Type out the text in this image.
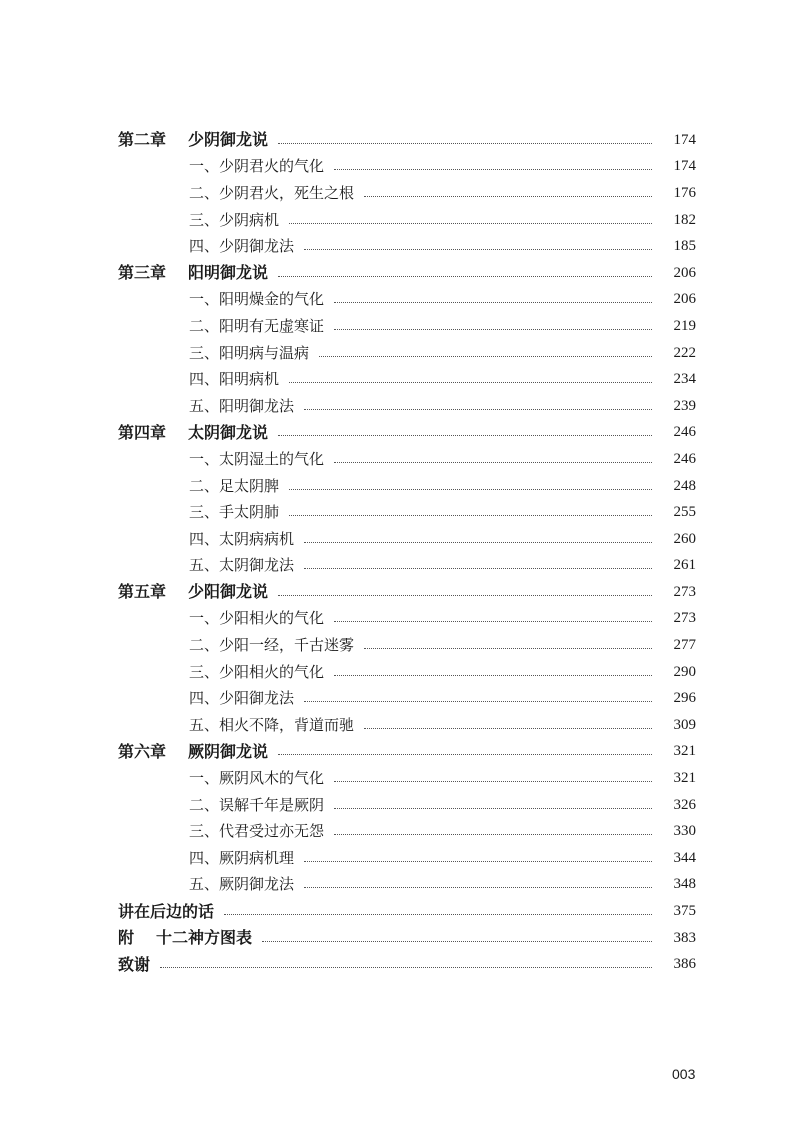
第二章 少阴御龙说	174
一、少阴君火的气化	174
二、少阴君火，死生之根	176
三、少阴病机	182
四、少阴御龙法	185
第三章 阳明御龙说	206
一、阳明燥金的气化	206
二、阳明有无虚寒证	219
三、阳明病与温病	222
四、阳明病机	234
五、阳明御龙法	239
第四章 太阴御龙说	246
一、太阴湿土的气化	246
二、足太阴脾	248
三、手太阴肺	255
四、太阴病病机	260
五、太阴御龙法	261
第五章 少阳御龙说	273
一、少阳相火的气化	273
二、少阳一经，千古迷雾	277
三、少阳相火的气化	290
四、少阳御龙法	296
五、相火不降，背道而驰	309
第六章 厥阴御龙说	321
一、厥阴风木的气化	321
二、误解千年是厥阴	326
三、代君受过亦无怨	330
四、厥阴病机理	344
五、厥阴御龙法	348
讲在后边的话	375
附 十二神方图表	383
致谢	386
003
